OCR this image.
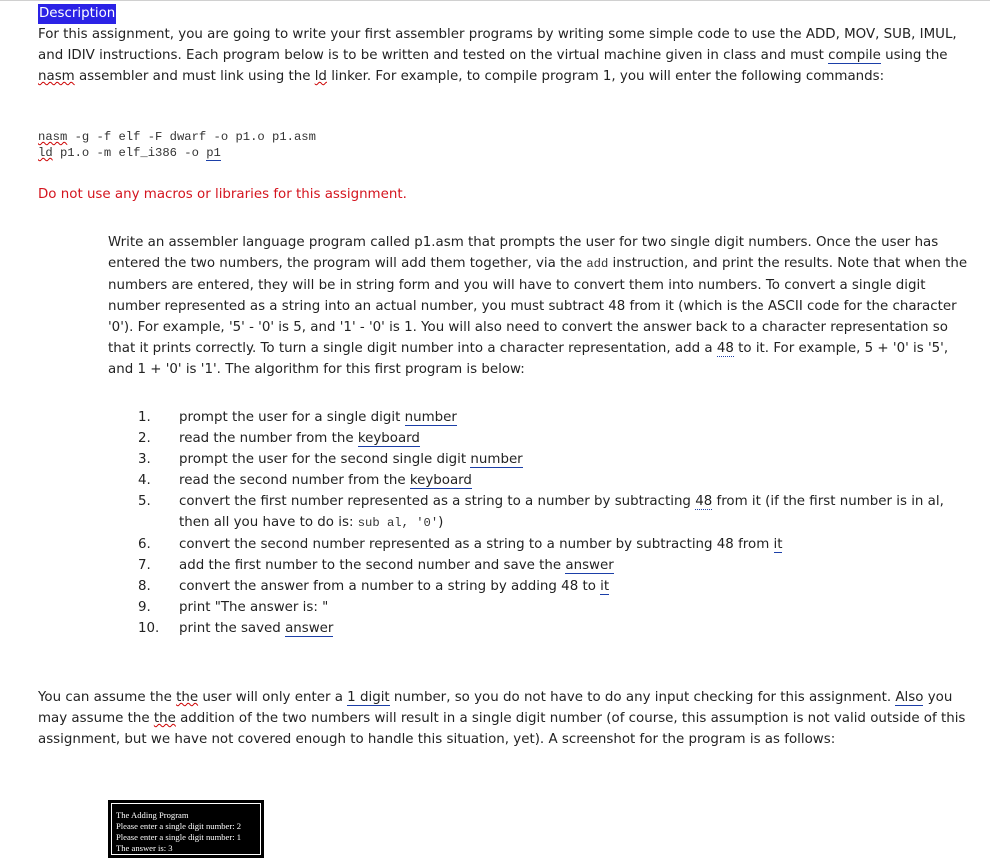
Description

For this assignment, you are going to write your first assembler programs by writing some simple code to use the ADD, MOV, SUB, IMUL, and IDIV instructions. Each program below is to be written and tested on the virtual machine given in class and must compile using the nasm assembler and must link using the ld linker. For example, to compile program 1, you will enter the following commands:

nasm -g -f elf -F dwarf -o p1.o p1.asm
ld p1.o -m elf_i386 -o p1
Do not use any macros or libraries for this assignment.

Write an assembler language program called p1.asm that prompts the user for two single digit numbers. Once the user has entered the two numbers, the program will add them together, via the add instruction, and print the results. Note that when the numbers are entered, they will be in string form and you will have to convert them into numbers. To convert a single digit number represented as a string into an actual number, you must subtract 48 from it (which is the ASCII code for the character '0'). For example, '5' - '0' is 5, and '1' - '0' is 1. You will also need to convert the answer back to a character representation so that it prints correctly. To turn a single digit number into a character representation, add a 48 to it. For example, 5 + '0' is '5', and 1 + '0' is '1'. The algorithm for this first program is below:

1.	prompt the user for a single digit number
2.	read the number from the keyboard
3.	prompt the user for the second single digit number
4.	read the second number from the keyboard
5.	convert the first number represented as a string to a number by subtracting 48 from it (if the first number is in al, then all you have to do is: sub al, '0')
6.	convert the second number represented as a string to a number by subtracting 48 from it
7.	add the first number to the second number and save the answer
8.	convert the answer from a number to a string by adding 48 to it
9.	print "The answer is: "
10.	print the saved answer

You can assume the the user will only enter a 1 digit number, so you do not have to do any input checking for this assignment. Also you may assume the the addition of the two numbers will result in a single digit number (of course, this assumption is not valid outside of this assignment, but we have not covered enough to handle this situation, yet). A screenshot for the program is as follows:

The Adding Program
Please enter a single digit number: 2
Please enter a single digit number: 1
The answer is: 3
